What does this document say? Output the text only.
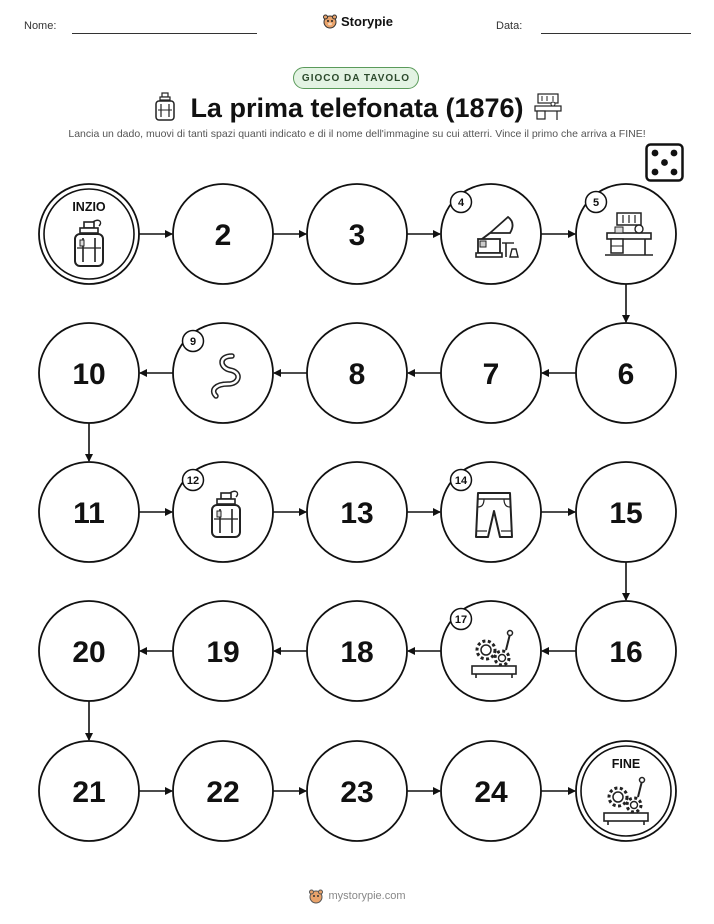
Nome:	Storypie	Data:
GIOCO DA TAVOLO
La prima telefonata (1876)
Lancia un dado, muovi di tanti spazi quanti indicato e di il nome dell'immagine su cui atterri. Vince il primo che arriva a FINE!
INZIO
2	3
4	5
6
7
8
9
10
11
12
13
14
15
16
17
18
19
20
21	22	23	24
FINE
mystorypie.com
